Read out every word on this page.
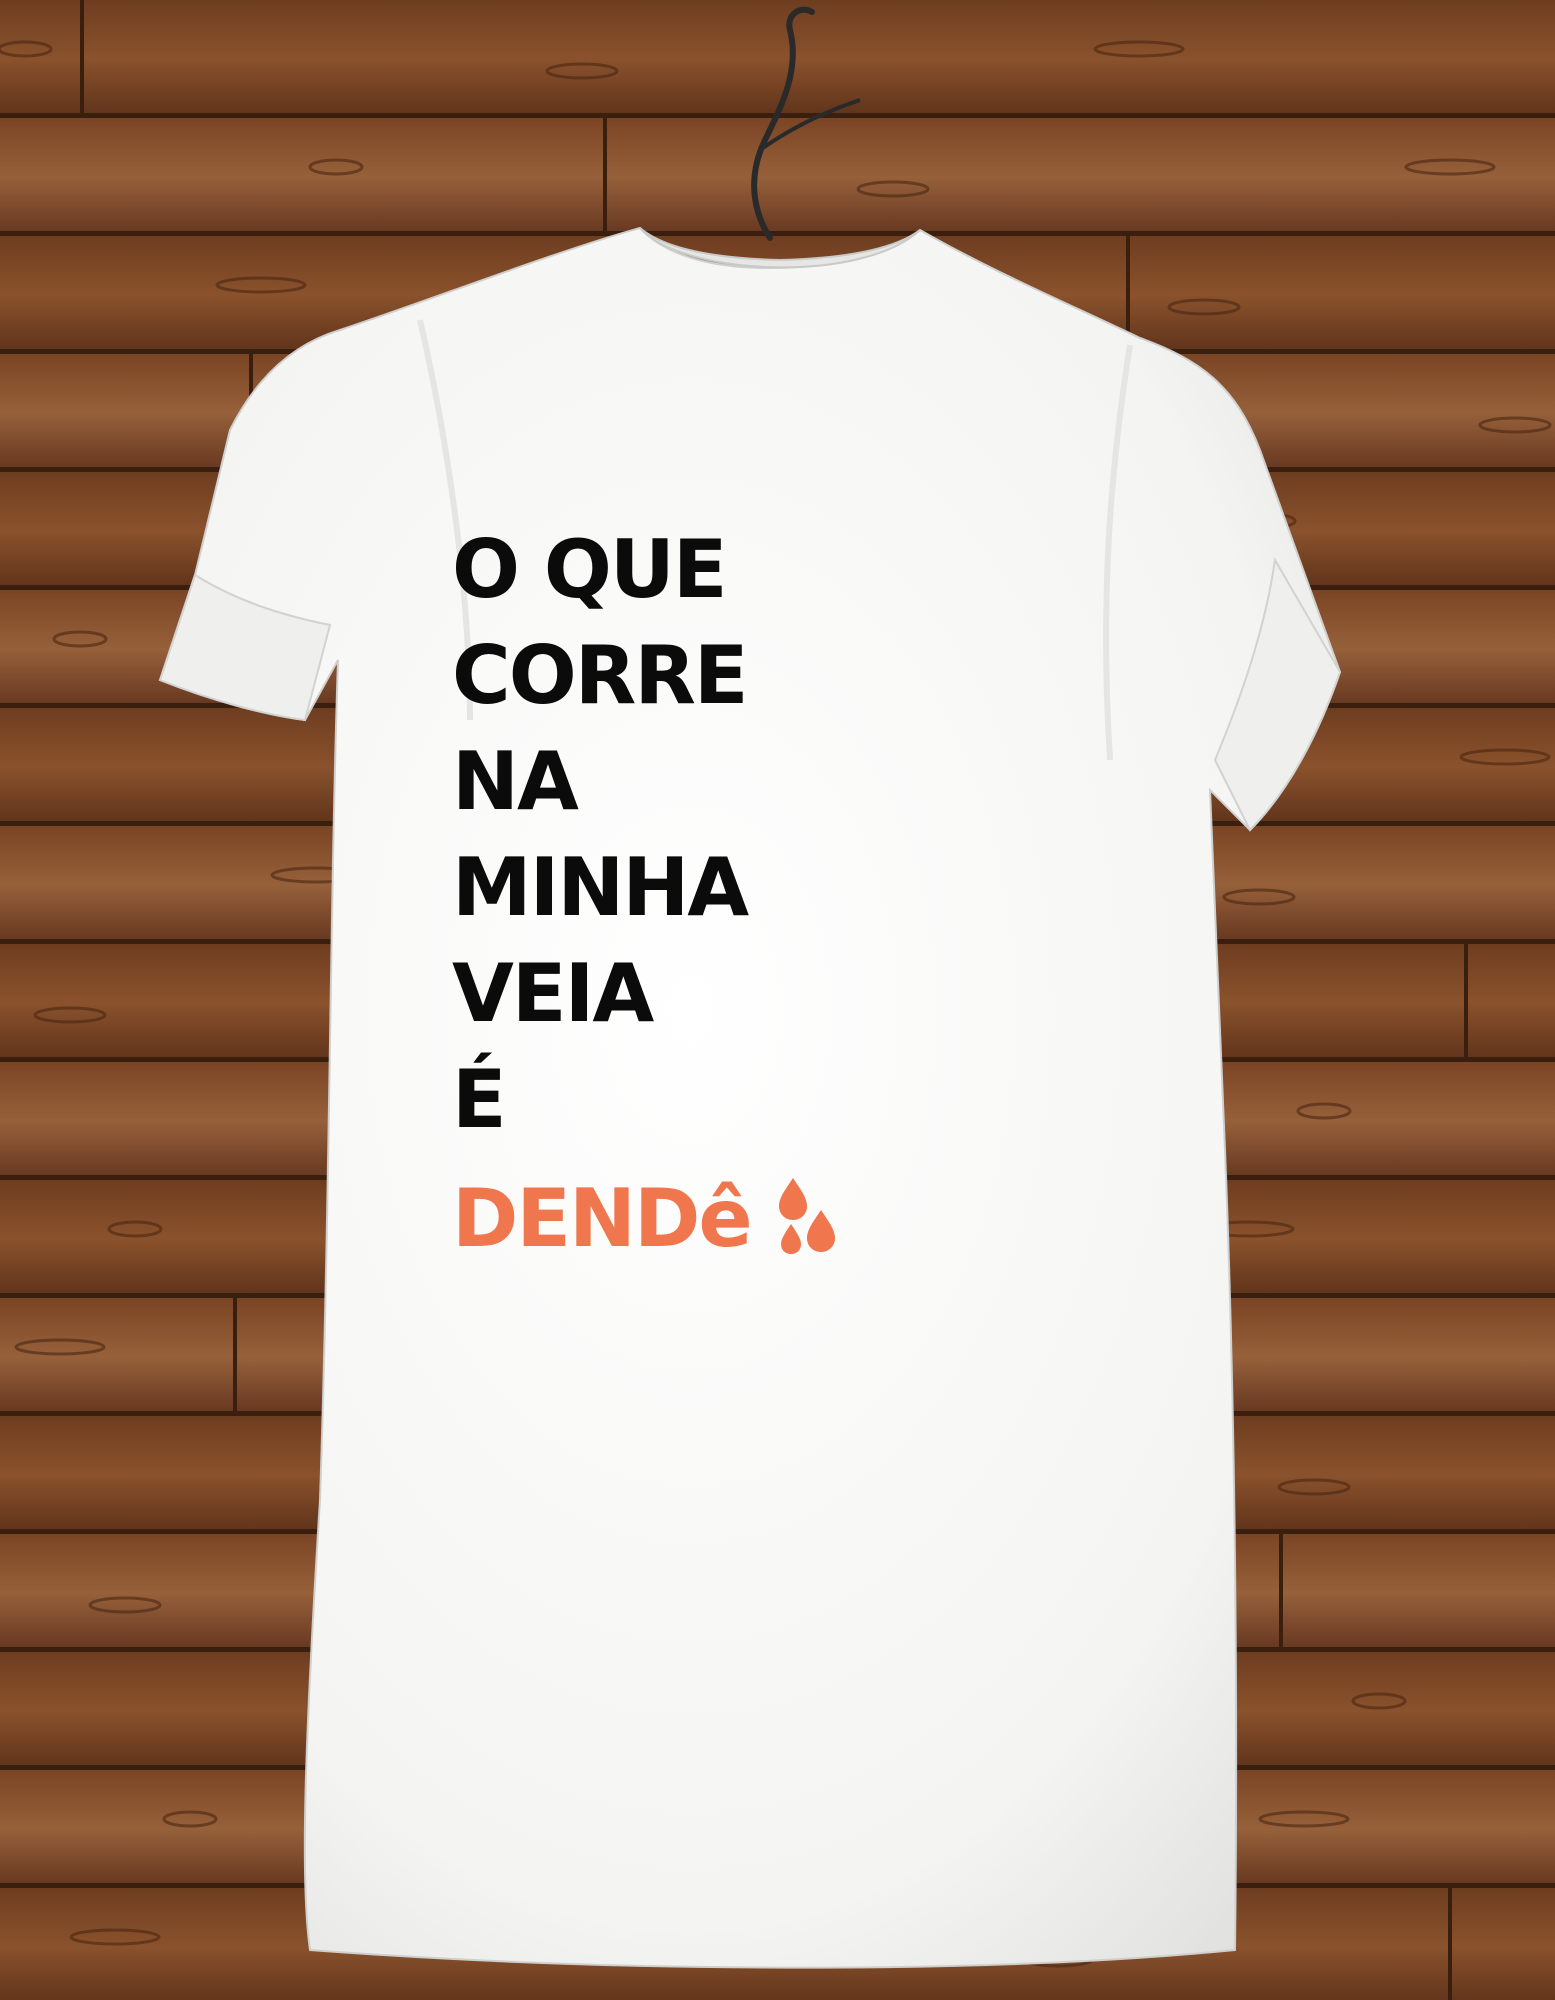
O QUE
CORRE
NA
MINHA
VEIA
É
DENDê
